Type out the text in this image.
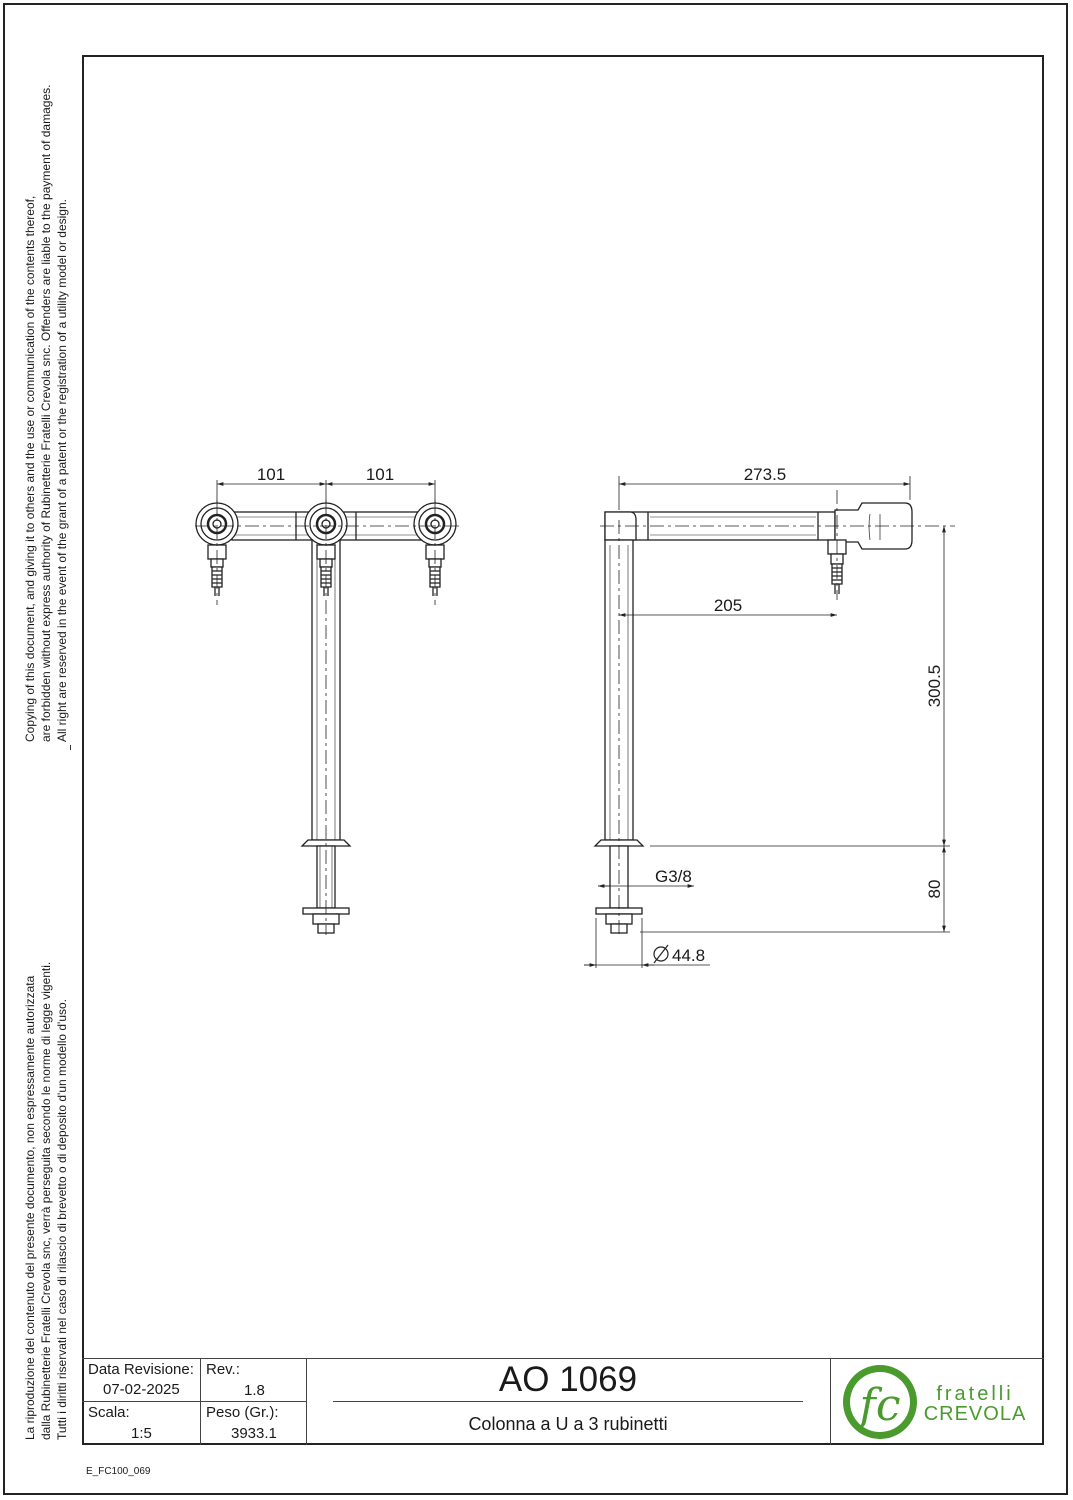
Copying of this document, and giving it to others and the use or communication of the contents thereof, are forbidden without express authority of Rubinetterie Fratelli Crevola snc. Offenders are liable to the payment of damages. All right are reserved in the event of the grant of a patent or the registration of a utility model or design.
La riproduzione del contenuto del presente documento, non espressamente autorizzata dalla Rubinetterie Fratelli Crevola snc, verrà perseguita secondo le norme di legge vigenti. Tutti i diritti riservati nel caso di rilascio di brevetto o di deposito d'un modello d'uso.
101	101	273.5
205
300.5
80
G3/8
44.8
fc fratelli
CREVOLA
Data Revisione:
07-02-2025
Rev.:
1.8
Scala:
1:5
Peso (Gr.):
3933.1
AO 1069
Colonna a U a 3 rubinetti
E_FC100_069
